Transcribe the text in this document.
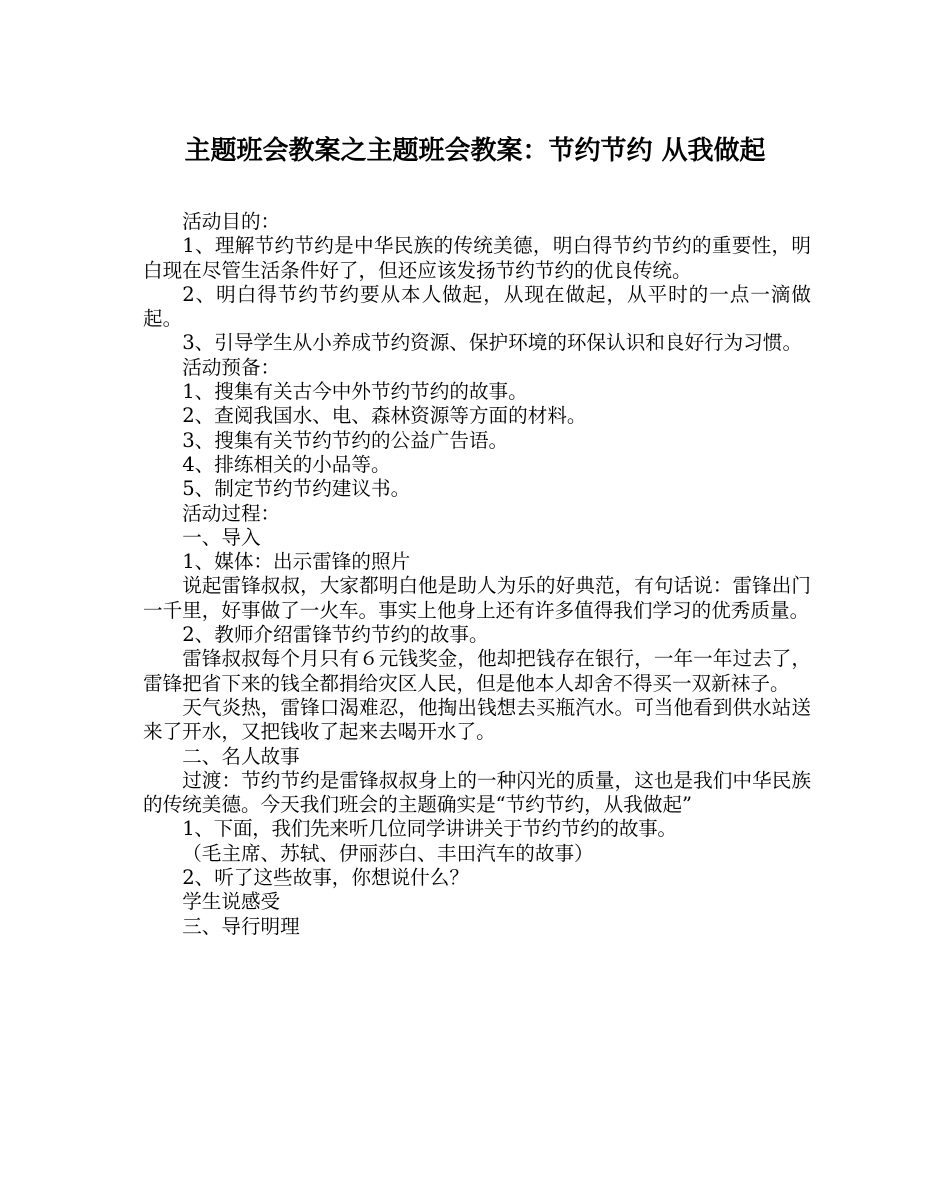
主题班会教案之主题班会教案：节约节约 从我做起

活动目的：

1、理解节约节约是中华民族的传统美德，明白得节约节约的重要性，明白现在尽管生活条件好了，但还应该发扬节约节约的优良传统。

2、明白得节约节约要从本人做起，从现在做起，从平时的一点一滴做起。

3、引导学生从小养成节约资源、保护环境的环保认识和良好行为习惯。

活动预备：

1、搜集有关古今中外节约节约的故事。

2、查阅我国水、电、森林资源等方面的材料。

3、搜集有关节约节约的公益广告语。

4、排练相关的小品等。

5、制定节约节约建议书。

活动过程：

一、导入

1、媒体：出示雷锋的照片

说起雷锋叔叔，大家都明白他是助人为乐的好典范，有句话说：雷锋出门一千里，好事做了一火车。事实上他身上还有许多值得我们学习的优秀质量。

2、教师介绍雷锋节约节约的故事。

雷锋叔叔每个月只有６元钱奖金，他却把钱存在银行，一年一年过去了，雷锋把省下来的钱全都捐给灾区人民，但是他本人却舍不得买一双新袜子。

天气炎热，雷锋口渴难忍，他掏出钱想去买瓶汽水。可当他看到供水站送来了开水，又把钱收了起来去喝开水了。

二、名人故事

过渡：节约节约是雷锋叔叔身上的一种闪光的质量，这也是我们中华民族的传统美德。今天我们班会的主题确实是“节约节约，从我做起”

1、下面，我们先来听几位同学讲讲关于节约节约的故事。

（毛主席、苏轼、伊丽莎白、丰田汽车的故事）

2、听了这些故事，你想说什么？

学生说感受

三、导行明理
